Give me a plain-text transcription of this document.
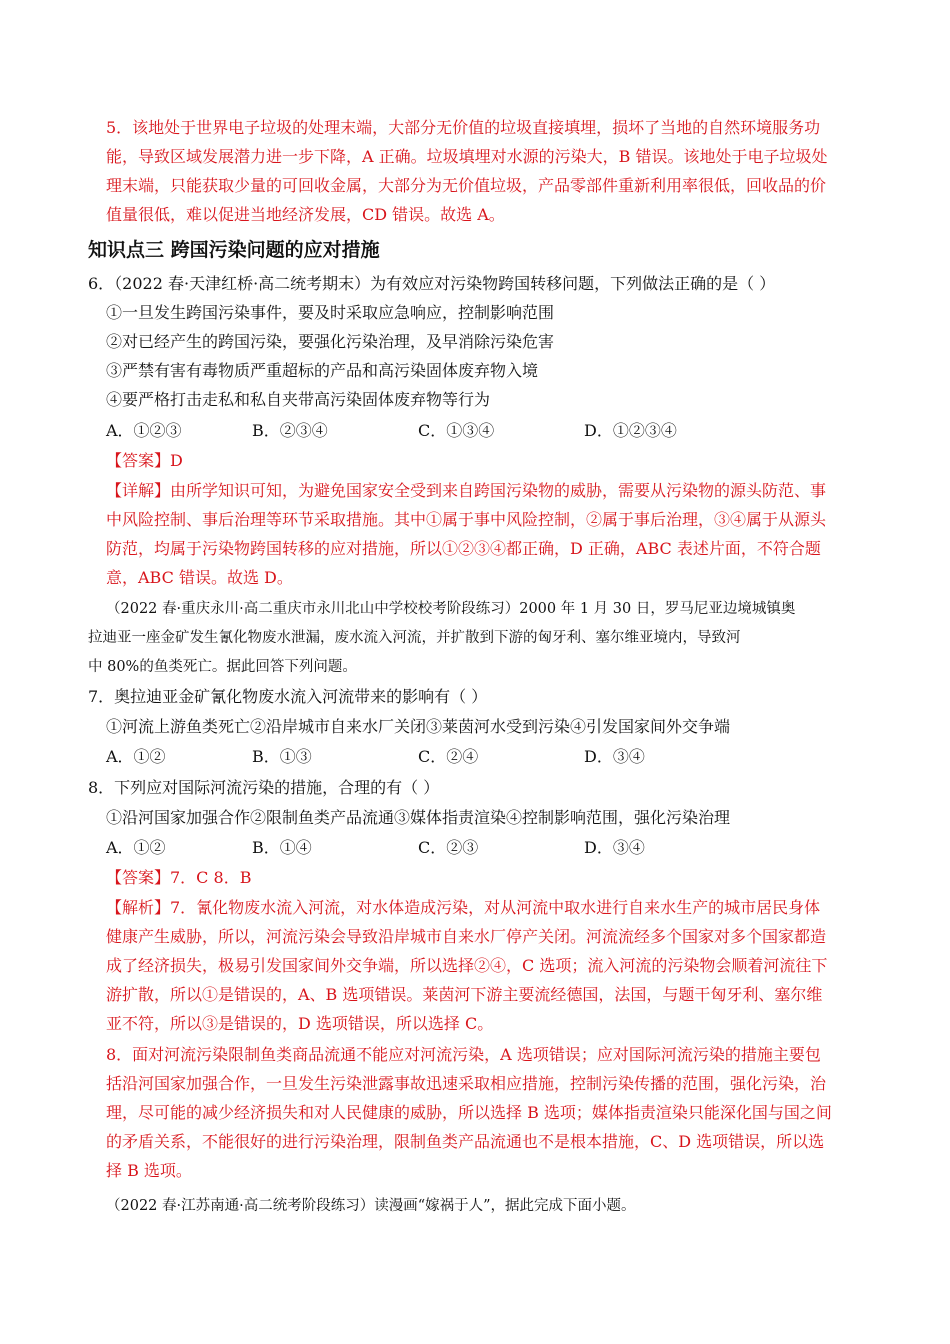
5．该地处于世界电子垃圾的处理末端，大部分无价值的垃圾直接填埋，损坏了当地的自然环境服务功
能，导致区域发展潜力进一步下降，A 正确。垃圾填埋对水源的污染大，B 错误。该地处于电子垃圾处
理末端，只能获取少量的可回收金属，大部分为无价值垃圾，产品零部件重新利用率很低，回收品的价
值量很低，难以促进当地经济发展，CD 错误。故选 A。
知识点三 跨国污染问题的应对措施
6．（2022 春·天津红桥·高二统考期末）为有效应对污染物跨国转移问题，下列做法正确的是（ ）
①一旦发生跨国污染事件，要及时采取应急响应，控制影响范围
②对已经产生的跨国污染，要强化污染治理，及早消除污染危害
③严禁有害有毒物质严重超标的产品和高污染固体废弃物入境
④要严格打击走私和私自夹带高污染固体废弃物等行为
A．①②③	B．②③④	C．①③④	D．①②③④
【答案】D
【详解】由所学知识可知，为避免国家安全受到来自跨国污染物的威胁，需要从污染物的源头防范、事
中风险控制、事后治理等环节采取措施。其中①属于事中风险控制，②属于事后治理，③④属于从源头
防范，均属于污染物跨国转移的应对措施，所以①②③④都正确，D 正确，ABC 表述片面，不符合题
意，ABC 错误。故选 D。
（2022 春·重庆永川·高二重庆市永川北山中学校校考阶段练习）2000 年 1 月 30 日，罗马尼亚边境城镇奥
拉迪亚一座金矿发生氰化物废水泄漏，废水流入河流，并扩散到下游的匈牙利、塞尔维亚境内，导致河
中 80%的鱼类死亡。据此回答下列问题。
7．奥拉迪亚金矿氰化物废水流入河流带来的影响有（ ）
①河流上游鱼类死亡②沿岸城市自来水厂关闭③莱茵河水受到污染④引发国家间外交争端
A．①②	B．①③	C．②④	D．③④
8．下列应对国际河流污染的措施，合理的有（ ）
①沿河国家加强合作②限制鱼类产品流通③媒体指责渲染④控制影响范围，强化污染治理
A．①②	B．①④	C．②③	D．③④
【答案】7．C 8．B
【解析】7．氰化物废水流入河流，对水体造成污染，对从河流中取水进行自来水生产的城市居民身体
健康产生威胁，所以，河流污染会导致沿岸城市自来水厂停产关闭。河流流经多个国家对多个国家都造
成了经济损失，极易引发国家间外交争端，所以选择②④，C 选项；流入河流的污染物会顺着河流往下
游扩散，所以①是错误的，A、B 选项错误。莱茵河下游主要流经德国，法国，与题干匈牙利、塞尔维
亚不符，所以③是错误的，D 选项错误，所以选择 C。
8．面对河流污染限制鱼类商品流通不能应对河流污染，A 选项错误；应对国际河流污染的措施主要包
括沿河国家加强合作，一旦发生污染泄露事故迅速采取相应措施，控制污染传播的范围，强化污染，治
理，尽可能的减少经济损失和对人民健康的威胁，所以选择 B 选项；媒体指责渲染只能深化国与国之间
的矛盾关系，不能很好的进行污染治理，限制鱼类产品流通也不是根本措施，C、D 选项错误，所以选
择 B 选项。
（2022 春·江苏南通·高二统考阶段练习）读漫画“嫁祸于人”，据此完成下面小题。
